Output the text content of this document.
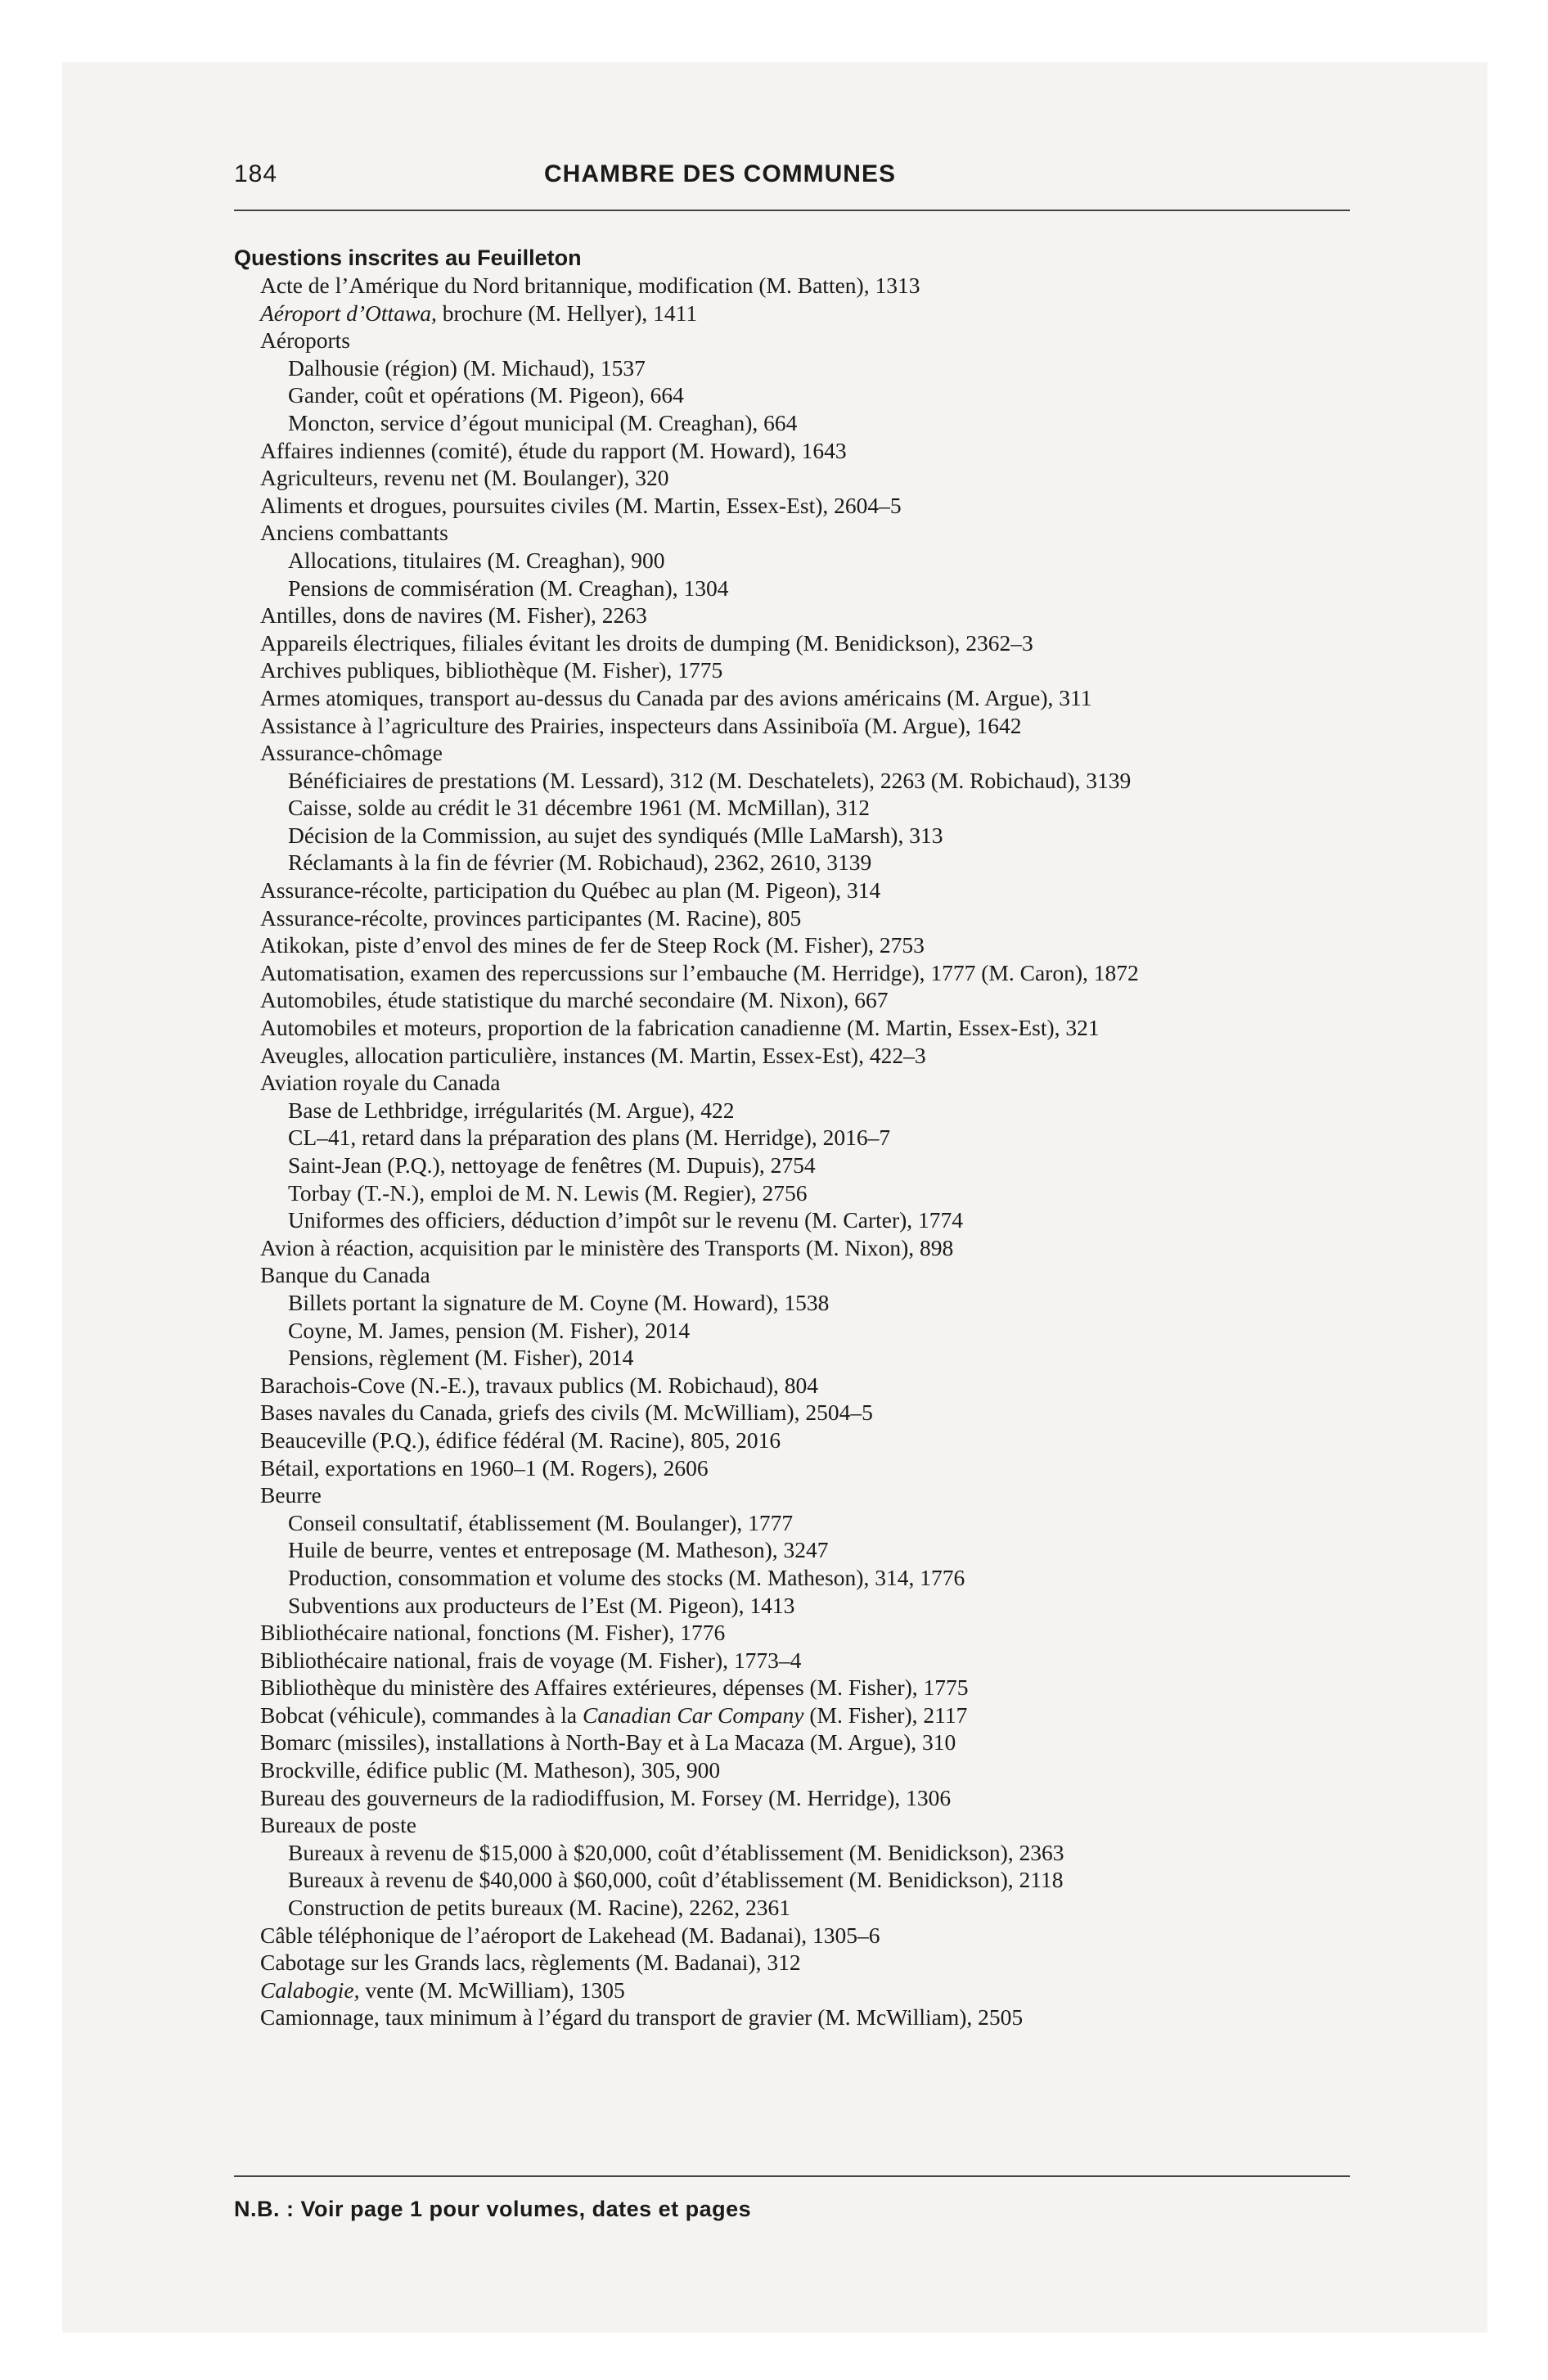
184	CHAMBRE DES COMMUNES
Questions inscrites au Feuilleton
Acte de l’Amérique du Nord britannique, modification (M. Batten), 1313
Aéroport d’Ottawa, brochure (M. Hellyer), 1411
Aéroports
Dalhousie (région) (M. Michaud), 1537
Gander, coût et opérations (M. Pigeon), 664
Moncton, service d’égout municipal (M. Creaghan), 664
Affaires indiennes (comité), étude du rapport (M. Howard), 1643
Agriculteurs, revenu net (M. Boulanger), 320
Aliments et drogues, poursuites civiles (M. Martin, Essex-Est), 2604–5
Anciens combattants
Allocations, titulaires (M. Creaghan), 900
Pensions de commisération (M. Creaghan), 1304
Antilles, dons de navires (M. Fisher), 2263
Appareils électriques, filiales évitant les droits de dumping (M. Benidickson), 2362–3
Archives publiques, bibliothèque (M. Fisher), 1775
Armes atomiques, transport au-dessus du Canada par des avions américains (M. Argue), 311
Assistance à l’agriculture des Prairies, inspecteurs dans Assiniboïa (M. Argue), 1642
Assurance-chômage
Bénéficiaires de prestations (M. Lessard), 312 (M. Deschatelets), 2263 (M. Robichaud), 3139
Caisse, solde au crédit le 31 décembre 1961 (M. McMillan), 312
Décision de la Commission, au sujet des syndiqués (Mlle LaMarsh), 313
Réclamants à la fin de février (M. Robichaud), 2362, 2610, 3139
Assurance-récolte, participation du Québec au plan (M. Pigeon), 314
Assurance-récolte, provinces participantes (M. Racine), 805
Atikokan, piste d’envol des mines de fer de Steep Rock (M. Fisher), 2753
Automatisation, examen des repercussions sur l’embauche (M. Herridge), 1777 (M. Caron), 1872
Automobiles, étude statistique du marché secondaire (M. Nixon), 667
Automobiles et moteurs, proportion de la fabrication canadienne (M. Martin, Essex-Est), 321
Aveugles, allocation particulière, instances (M. Martin, Essex-Est), 422–3
Aviation royale du Canada
Base de Lethbridge, irrégularités (M. Argue), 422
CL–41, retard dans la préparation des plans (M. Herridge), 2016–7
Saint-Jean (P.Q.), nettoyage de fenêtres (M. Dupuis), 2754
Torbay (T.-N.), emploi de M. N. Lewis (M. Regier), 2756
Uniformes des officiers, déduction d’impôt sur le revenu (M. Carter), 1774
Avion à réaction, acquisition par le ministère des Transports (M. Nixon), 898
Banque du Canada
Billets portant la signature de M. Coyne (M. Howard), 1538
Coyne, M. James, pension (M. Fisher), 2014
Pensions, règlement (M. Fisher), 2014
Barachois-Cove (N.-E.), travaux publics (M. Robichaud), 804
Bases navales du Canada, griefs des civils (M. McWilliam), 2504–5
Beauceville (P.Q.), édifice fédéral (M. Racine), 805, 2016
Bétail, exportations en 1960–1 (M. Rogers), 2606
Beurre
Conseil consultatif, établissement (M. Boulanger), 1777
Huile de beurre, ventes et entreposage (M. Matheson), 3247
Production, consommation et volume des stocks (M. Matheson), 314, 1776
Subventions aux producteurs de l’Est (M. Pigeon), 1413
Bibliothécaire national, fonctions (M. Fisher), 1776
Bibliothécaire national, frais de voyage (M. Fisher), 1773–4
Bibliothèque du ministère des Affaires extérieures, dépenses (M. Fisher), 1775
Bobcat (véhicule), commandes à la Canadian Car Company (M. Fisher), 2117
Bomarc (missiles), installations à North-Bay et à La Macaza (M. Argue), 310
Brockville, édifice public (M. Matheson), 305, 900
Bureau des gouverneurs de la radiodiffusion, M. Forsey (M. Herridge), 1306
Bureaux de poste
Bureaux à revenu de $15,000 à $20,000, coût d’établissement (M. Benidickson), 2363
Bureaux à revenu de $40,000 à $60,000, coût d’établissement (M. Benidickson), 2118
Construction de petits bureaux (M. Racine), 2262, 2361
Câble téléphonique de l’aéroport de Lakehead (M. Badanai), 1305–6
Cabotage sur les Grands lacs, règlements (M. Badanai), 312
Calabogie, vente (M. McWilliam), 1305
Camionnage, taux minimum à l’égard du transport de gravier (M. McWilliam), 2505
N.B. : Voir page 1 pour volumes, dates et pages
